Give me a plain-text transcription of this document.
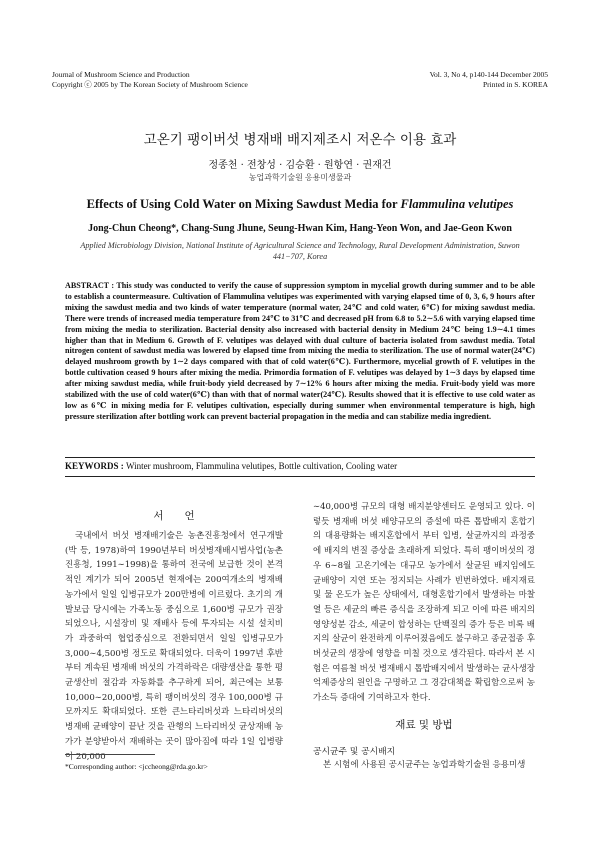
Journal of Mushroom Science and Production
Copyright ⓒ 2005 by The Korean Society of Mushroom Science
Vol. 3, No 4, p140-144 December 2005
Printed in S. KOREA
고온기 팽이버섯 병재배 배지제조시 저온수 이용 효과
정종천 · 전창성 · 김승환 · 원항연 · 권재건
농업과학기술원 응용미생물과
Effects of Using Cold Water on Mixing Sawdust Media for Flammulina velutipes
Jong-Chun Cheong*, Chang-Sung Jhune, Seung-Hwan Kim, Hang-Yeon Won, and Jae-Geon Kwon
Applied Microbiology Division, National Institute of Agricultural Science and Technology, Rural Development Administration, Suwon 441−707, Korea
ABSTRACT : This study was conducted to verify the cause of suppression symptom in mycelial growth during summer and to be able to establish a countermeasure. Cultivation of Flammulina velutipes was experimented with varying elapsed time of 0, 3, 6, 9 hours after mixing the sawdust media and two kinds of water temperature (normal water, 24℃ and cold water, 6℃) for mixing sawdust media. There were trends of increased media temperature from 24℃ to 31℃ and decreased pH from 6.8 to 5.2∼5.6 with varying elapsed time from mixing the media to sterilization. Bacterial density also increased with bacterial density in Medium 24℃ being 1.9∼4.1 times higher than that in Medium 6. Growth of F. velutipes was delayed with dual culture of bacteria isolated from sawdust media. Total nitrogen content of sawdust media was lowered by elapsed time from mixing the media to sterilization. The use of normal water(24℃) delayed mushroom growth by 1∼2 days compared with that of cold water(6℃). Furthermore, mycelial growth of F. velutipes in the bottle cultivation ceased 9 hours after mixing the media. Primordia formation of F. velutipes was delayed by 1∼3 days by elapsed time after mixing sawdust media, while fruit-body yield decreased by 7∼12% 6 hours after mixing the media. Fruit-body yield was more stabilized with the use of cold water(6℃) than with that of normal water(24℃). Results showed that it is effective to use cold water as low as 6℃ in mixing media for F. velutipes cultivation, especially during summer when environmental temperature is high, high pressure sterilization after bottling work can prevent bacterial propagation in the media and can stabilize media ingredient.
KEYWORDS : Winter mushroom, Flammulina velutipes, Bottle cultivation, Cooling water
서　　언
국내에서 버섯 병재배기술은 농촌진흥청에서 연구개발(박 등, 1978)하여 1990년부터 버섯병재배시범사업(농촌진흥청, 1991∼1998)을 통하여 전국에 보급한 것이 본격적인 계기가 되어 2005년 현재에는 200여개소의 병재배 농가에서 일일 입병규모가 200만병에 이르렀다. 초기의 개발보급 당시에는 가족노동 중심으로 1,600병 규모가 권장되었으나, 시설장비 및 재배사 등에 투자되는 시설 설치비가 과중하여 협업중심으로 전환되면서 일일 입병규모가 3,000∼4,500병 정도로 확대되었다. 더욱이 1997년 후반부터 계속된 병재배 버섯의 가격하락은 대량생산을 통한 평균생산비 절감과 자동화를 추구하게 되어, 최근에는 보통 10,000∼20,000병, 특히 팽이버섯의 경우 100,000병 규모까지도 확대되었다. 또한 큰느타리버섯과 느타리버섯의 병재배 균배양이 끝난 것을 관행의 느타리버섯 균상재배 농가가 분양받아서 재배하는 곳이 많아짐에 따라 1일 입병량이 20,000
∼40,000병 규모의 대형 배지분양센터도 운영되고 있다. 이렇듯 병재배 버섯 배양규모의 증설에 따른 톱밥배지 혼합기의 대용량화는 배지혼합에서 부터 입병, 살균까지의 과정중에 배지의 변질 증상을 초래하게 되었다. 특히 팽이버섯의 경우 6∼8월 고온기에는 대규모 농가에서 살균된 배지임에도 균배양이 지연 또는 정지되는 사례가 빈번하였다. 배지재료 및 물 온도가 높은 상태에서, 대형혼합기에서 발생하는 마찰열 등은 세균의 빠른 증식을 조장하게 되고 이에 따른 배지의 영양성분 감소, 세균이 합성하는 단백질의 증가 등은 비록 배지의 살균이 완전하게 이루어졌음에도 불구하고 종균접종 후 버섯균의 생장에 영향을 미칠 것으로 생각된다. 따라서 본 시험은 여름철 버섯 병재배시 톱밥배지에서 발생하는 균사생장 억제증상의 원인을 구명하고 그 경감대책을 확립함으로써 농가소득 증대에 기여하고자 한다.
재료 및 방법
공시균주 및 공시배지
본 시험에 사용된 공시균주는 농업과학기술원 응용미생
*Corresponding author: <jccheong@rda.go.kr>
